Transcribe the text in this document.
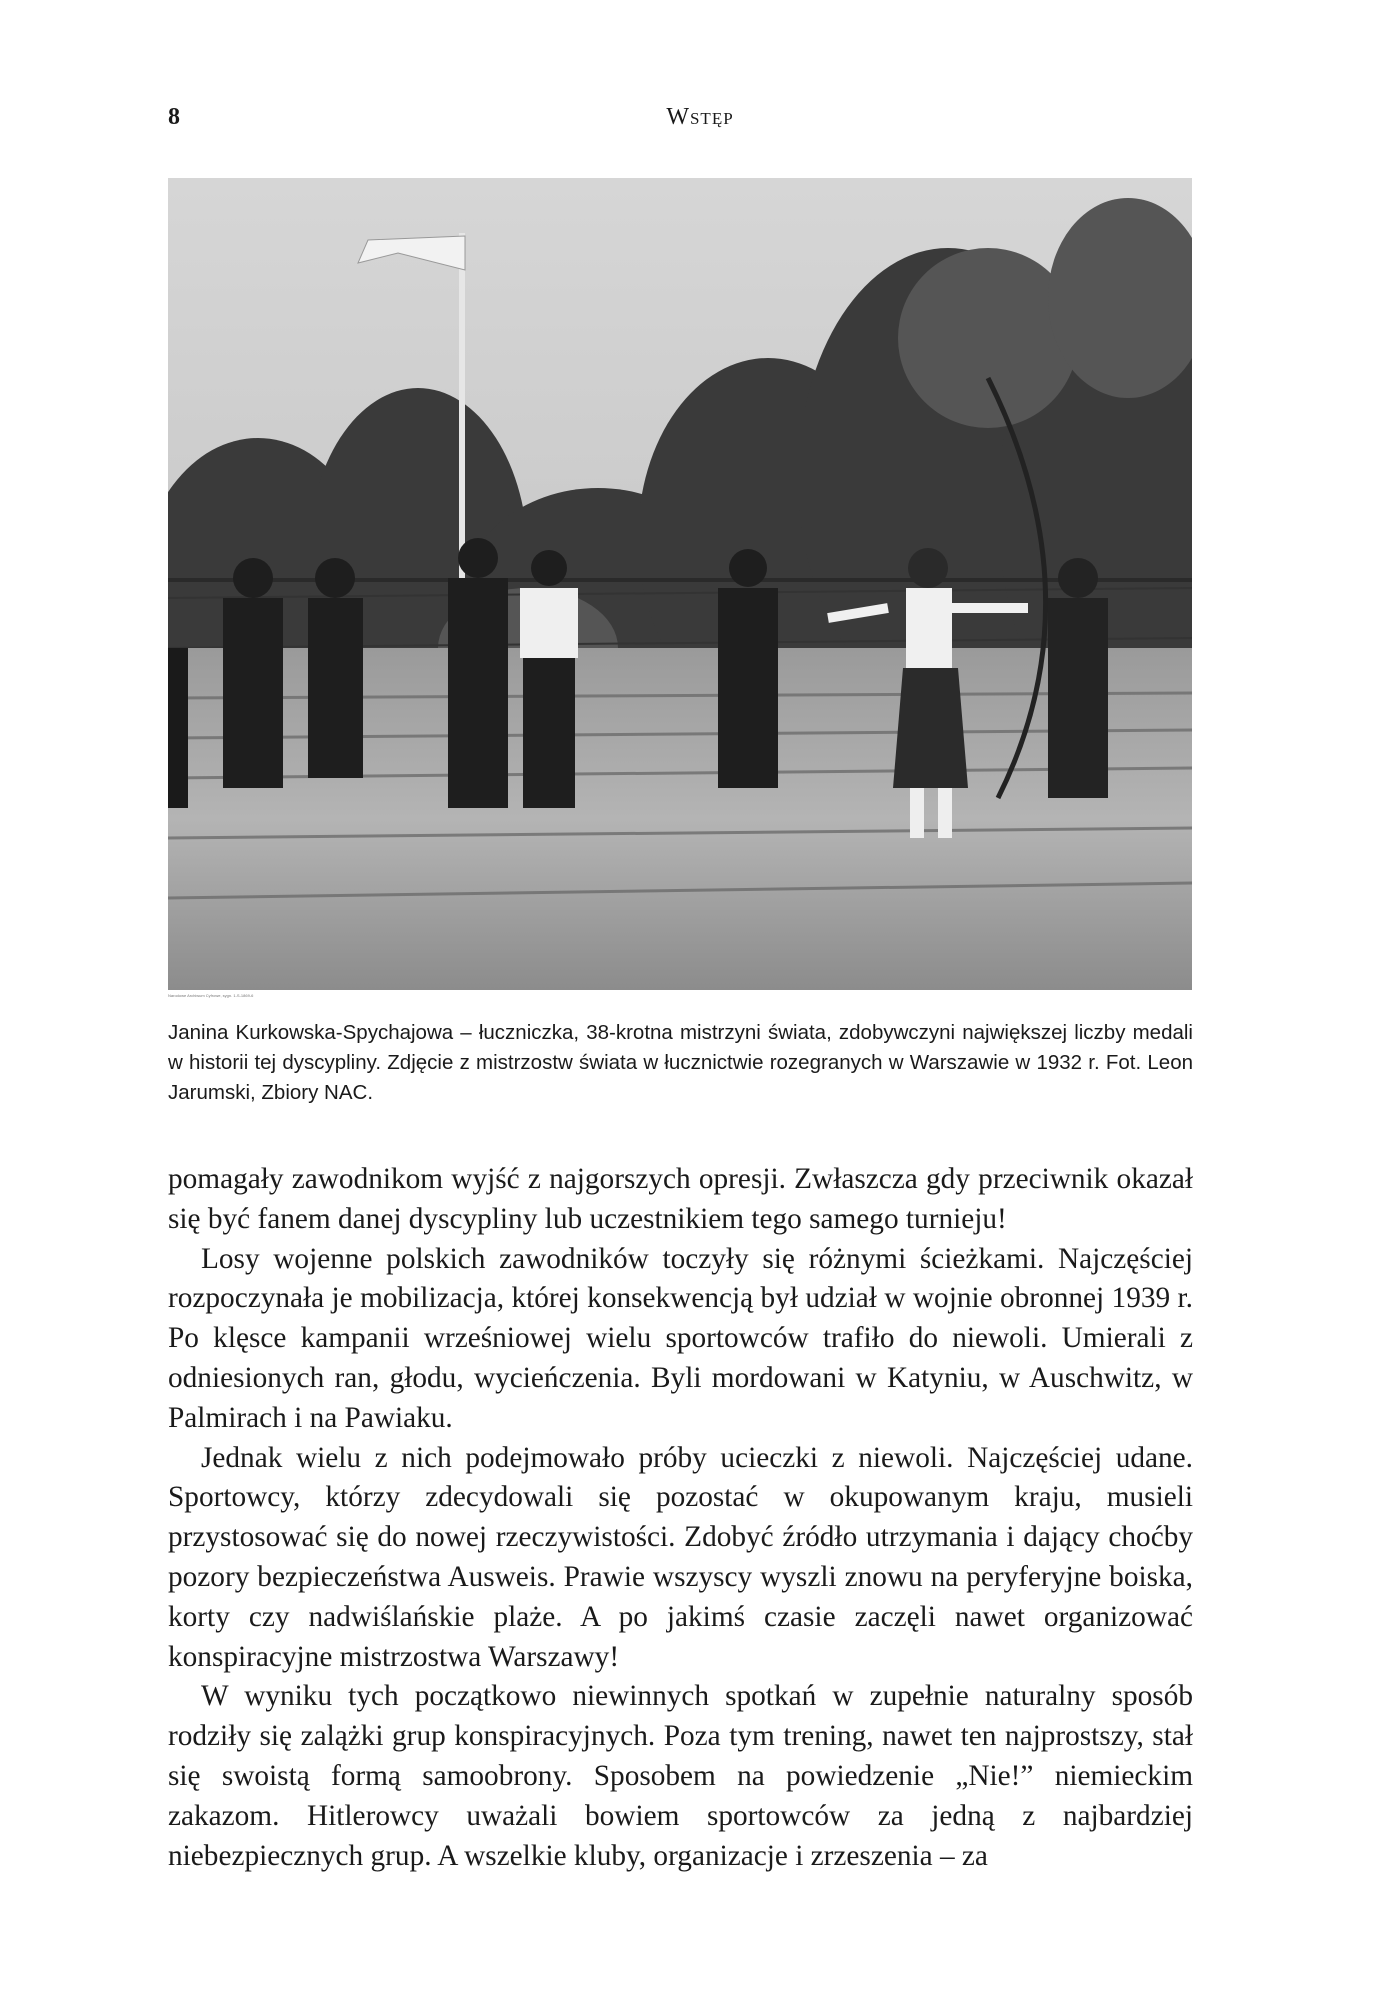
8	Wstęp
Narodowe Archiwum Cyfrowe, sygn. 1-S-1869-6
Janina Kurkowska-Spychajowa – łuczniczka, 38-krotna mistrzyni świata, zdobywczyni największej liczby medali w historii tej dyscypliny. Zdjęcie z mistrzostw świata w łucznictwie rozegranych w Warszawie w 1932 r. Fot. Leon Jarumski, Zbiory NAC.

pomagały zawodnikom wyjść z najgorszych opresji. Zwłaszcza gdy przeciwnik okazał się być fanem danej dyscypliny lub uczestnikiem tego samego turnieju!

Losy wojenne polskich zawodników toczyły się różnymi ścieżkami. Najczęściej rozpoczynała je mobilizacja, której konsekwencją był udział w wojnie obronnej 1939 r. Po klęsce kampanii wrześniowej wielu sportowców trafiło do niewoli. Umierali z odniesionych ran, głodu, wycieńczenia. Byli mordowani w Katyniu, w Auschwitz, w Palmirach i na Pawiaku.

Jednak wielu z nich podejmowało próby ucieczki z niewoli. Najczęściej udane. Sportowcy, którzy zdecydowali się pozostać w okupowanym kraju, musieli przystosować się do nowej rzeczywistości. Zdobyć źródło utrzymania i dający choćby pozory bezpieczeństwa Ausweis. Prawie wszyscy wyszli znowu na peryferyjne boiska, korty czy nadwiślańskie plaże. A po jakimś czasie zaczęli nawet organizować konspiracyjne mistrzostwa Warszawy!

W wyniku tych początkowo niewinnych spotkań w zupełnie naturalny sposób rodziły się zalążki grup konspiracyjnych. Poza tym trening, nawet ten najprostszy, stał się swoistą formą samoobrony. Sposobem na powiedzenie „Nie!” niemieckim zakazom. Hitlerowcy uważali bowiem sportowców za jedną z najbardziej niebezpiecznych grup. A wszelkie kluby, organizacje i zrzeszenia – za
